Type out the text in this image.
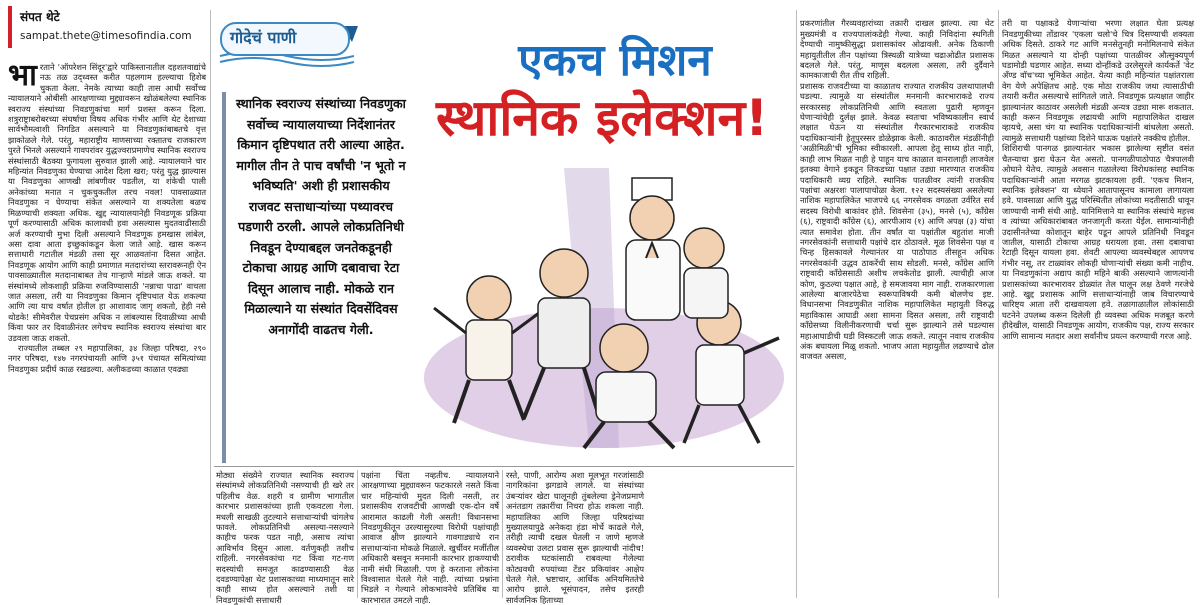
संपत थेटे
sampat.thete@timesofindia.com
भा रताने 'ऑपरेशन सिंदूर'द्वारे पाकिस्तानातील दहशतवाद्यांचे नऊ तळ उद्ध्वस्त करीत पहलगाम हल्ल्याचा हिशेब चुकता केला. नेमके त्याच्या काही तास आधी सर्वोच्च न्यायालयाने ओबीसी आरक्षणाच्या मुद्द्यावरून खोळंबलेल्या स्थानिक स्वराज्य संस्थांच्या निवडणुकांचा मार्ग प्रशस्त करून दिला. शत्रुराष्ट्राबरोबरच्या संघर्षाचा विषय अधिक गंभीर आणि थेट देशाच्या सार्वभौमत्वाशी निगडित असल्याने या निवडणुकांबाबतचे वृत्त झाकोळले गेले. परंतु, महाराष्ट्रीय माणसाच्या रक्तातच राजकारण पुरते भिनले असल्याने गावपरांवर युद्धज्वराप्रमाणेच स्थानिक स्वराज्य संस्थांसाठी बैठक्या फुगायला सुरुवात झाली आहे. न्यायालयाने चार महिन्यांत निवडणुका घेण्याचा आदेश दिला खरा; परंतु युद्ध झाल्यास या निवडणुका आणखी लांबणीवर पडतील, या शंकेची पाली अनेकांच्या मनात न चुकचुकतील तरच नवल! पावसाळ्यात निवडणुका न घेण्याचा संकेत असल्याने या शक्यतेला बळच मिळण्याची शक्यता अधिक. खुद्द न्यायालयानेही निवडणूक प्रक्रिया पूर्ण करण्यासाठी अधिक कालावधी हवा असल्यास मुदतवाढीसाठी अर्ज करण्याची मुभा दिली असल्याने निवडणूक हमखास लांबेल, असा दावा आता इच्छुकांकडून केला जाते आहे. खास करून सत्ताधारी गटातील मंडळी तसा सूर आळवतांना दिसत आहेत. निवडणूक आयोग आणि काही प्रमाणात मतदारांच्या स्तरावरूनही ऐन पावसाळ्यातील मतदानाबाबत तेच गाऱ्हाणे मांडले जाऊ शकते. या संस्थांमध्ये लोकशाही प्रक्रिया रुजविण्यासाठी 'नन्नाचा पाढा' वाचला जात असला, तरी या निवडणुका किमान दृष्टिपथात येऊ शकल्या आणि त्या याच वर्षात होतील हा आशावाद जागृ शकतो, हेही नसे थोडके! सीमेवरील पेचप्रसंग अधिक न लांबल्यास दिवाळीच्या आधी किंवा फार तर दिवाळीनंतर लगेचच स्थानिक स्वराज्य संस्थांचा बार उडवला जाऊ शकतो.

राज्यातील तब्बल २९ महापालिका, ३४ जिल्हा परिषदा, २९० नगर परिषदा, १४७ नगरपंचायती आणि ३५१ पंचायत समित्यांच्या निवडणुका प्रदीर्घ काळ रखडल्या. अलीकडच्या काळात एवढ्या

गोदेचं पाणी

स्थानिक स्वराज्य संस्थांच्या निवडणुका सर्वोच्च न्यायालयाच्या निर्देशानंतर किमान दृष्टिपथात तरी आल्या आहेत. मागील तीन ते पाच वर्षांची 'न भूतो न भविष्यति' अशी ही प्रशासकीय राजवट सत्ताधाऱ्यांच्या पथ्यावरच पडणारी ठरली. आपले लोकप्रतिनिधी निवडून देण्याबद्दल जनतेकडूनही टोकाचा आग्रह आणि दबावाचा रेटा दिसून आलाच नाही. मोकळे रान मिळाल्याने या संस्थांत दिवसेंदिवस अनागोंदी वाढतच गेली.

एकच मिशन
स्थानिक इलेक्शन!

मोठ्या संख्येने राज्यात स्थानिक स्वराज्य संस्थांमध्ये लोकप्रतिनिधी नसण्याची ही खरे तर पहिलीच वेळ. शहरी व ग्रामीण भागातील कारभार प्रशासकांच्या हाती एकवटला गेला. मधली साखळी तुटल्याने सत्ताधाऱ्यांची चांगलेच फावले. लोकप्रतिनिधी असल्या-नसल्याने काहीच फरक पडत नाही, असाच त्यांचा आविर्भाव दिसून आला. वर्तणुकही तशीच राहिली. नगरसेवकांचा गट किंवा गट-गण सदस्यांची समजूत काढण्यासाठी वेळ दवडण्यापेक्षा थेट प्रशासकाच्या माध्यमातून सारे काही साध्य होत असल्याने तशी या निवडणुकांची सत्ताधारी

पक्षांना चिंता नव्हतीच. न्यायालयाने आरक्षणाच्या मुद्द्यावरून फटकारले नसते किंवा चार महिन्यांची मुदत दिली नसती, तर प्रशासकीय राजवटीची आणखी एक-दोन वर्षे आरामात काढली गेली असती! विधानसभा निवडणुकीतून उरल्यासुरल्या विरोधी पक्षांचाही आवाज क्षीण झाल्याने गावगाड्याचे रान सत्ताधाऱ्यांना मोकळे मिळाले. खुर्चीवर मर्जीतील अधिकारी बसवून मनमानी कारभार हाकण्याची नामी संधी मिळाली. पण हे करताना लोकांना विश्वासात घेतले गेले नाही. त्यांच्या प्रश्नांना भिडले न गेल्याने लोकभावनेचे प्रतिबिंब या कारभारात उमटले नाही.

रस्ते, पाणी, आरोग्य अशा मूलभूत गरजांसाठी नागरिकांना झगडावे लागले. या संस्थांच्या उंबऱ्यांवर खेटा घालूनही तुंबलेल्या ड्रेनेजप्रमाणे अनंतडाग तक्रारींचा निचरा होऊ शकला नाही. महापालिका आणि जिल्हा परिषदांच्या मुख्यालयापुढे अनेकदा हंडा मोर्चे काढले गेले, तरीही त्याची दखल घेतली न जाणे म्हणजे व्यवस्थेचा उलटा प्रवास सुरू झाल्याची नांदीच! ठरावीक घटकांसाठी राबवल्या गेलेल्या कोट्यवधी रुपयांच्या टेंडर प्रकियांवर आक्षेप घेतले गेले. भ्रष्टाचार, आर्थिक अनियमिततेचे आरोप झाले. भूसंपादन, तसेच इतरही सार्वजनिक हिताच्या

प्रकरणांतील गैरव्यवहारांच्या तक्रारी दाखल झाल्या. त्या थेट मुख्यमंत्री व राज्यपालांकडेही गेल्या. काही निविदांना स्थगिती देण्याची नामुष्कीसुद्धा प्रशासकांवर ओढावली. अनेक ठिकाणी महायुतीतील तीन पक्षांच्या त्रिस्थळी यात्रेच्या चढाओढीत प्रशासक बदलले गेले. परंतु, माणूस बदलला असला, तरी दुर्दैवाने कामकाजाची रीत तीच राहिली.
प्रशासक राजवटीच्या या काळातच राज्यात राजकीय उलथापालथी घडल्या. त्यामुळे या संस्थांतील मनमानी कारभाराकडे राज्य सरकारसह लोकप्रतिनिधी आणि स्वतःला पुढारी म्हणवून घेणाऱ्यांचेही दुर्लक्ष झाले. केवळ स्वतःचा भविष्यकालीन स्वार्थ लक्षात घेऊन या संस्थांतील गैरकारभाराकडे राजकीय पदाधिकाऱ्यांनी हेतूपुरस्सर डोळेझाक केली. काठावरील मंडळींनीही 'अळीमिळी'ची भूमिका स्वीकारली. आपला हेतू साध्य होत नाही, काही लाभ मिळत नाही हे पाहून याच काळात वानरालाही लाजवेल इतक्या वेगाने इकडून तिकडच्या पक्षात उड्या मारण्यात राजकीय पदाधिकारी व्यग्र राहिले. स्थानिक पातळीवर त्यांनी राजकीय पक्षांचा अक्षरशः पालापाचोळा केला. १२२ सदस्यसंख्या असलेल्या नाशिक महापालिकेत भाजपचे ६६ नगरसेवक वगळता उर्वरित सर्व सदस्य विरोधी बाकांवर होते. शिवसेना (३५), मनसे (५), काँग्रेस (६), राष्ट्रवादी काँग्रेस (६), आरपीआय (१) आणि अपक्ष (३) यांचा त्यात समावेश होता. तीन वर्षांत या पक्षांतील बहुतांश माजी नगरसेवकांनी सत्ताधारी पक्षांचे दार ठोठावले. मूळ शिवसेना पक्ष व चिन्ह हिसकावले गेल्यानंतर या पाठोपाठ तीसहून अधिक नगरसेवकांनी उद्धव ठाकरेंची साथ सोडली. मनसे, काँग्रेस आणि राष्ट्रवादी काँग्रेससाठी अशीच लचकेतोड झाली. त्याचीही आज कोण, कुठल्या पक्षात आहे, हे समजावया माग नाही. राजकारणाला आलेल्या बाजारपेठेचा स्वरूपाविषयी कमी बोलणेच इष्ट. विधानसभा निवडणुकीत नाशिक महापालिकेत महायुती विरुद्ध महाविकास आघाडी अशा सामना दिसत असला, तरी राष्ट्रवादी काँग्रेसच्या विलीनीकरणाची चर्चा सुरू झाल्याने तसे घडल्यास महाआघाडीची घडी विस्कटली जाऊ शकते. त्यातून नवाच राजकीय अंक बघायला मिळू शकतो. भाजप आता महायुतीत लढण्याचे ढोल वाजवत असला,

तरी या पक्षाकडे येणाऱ्यांचा भरणा लक्षात घेता प्रत्यक्ष निवडणुकीच्या तोंडावर 'एकला चलो'चे चित्र दिसण्याची शक्यता अधिक दिसते. ठाकरे गट आणि मनसेतुनही मनोमिलनाचे संकेत मिळत असल्याने या दोन्ही पक्षांच्या पातळीवर औत्सुक्यपूर्ण घडामोडी घडणार आहेत. सध्या दोन्हींकडे उरलेसुरले कार्यकर्ते 'वेट अँण्ड वॉच'च्या भूमिकेत आहेत. येत्या काही महिन्यांत पक्षांतराला वेग येणे अपेक्षितच आहे. एक मोठा राजकीय जथा त्यासाठीची तयारी करीत असल्याचे सांगितले जाते. निवडणूक प्रत्यक्षात जाहीर झाल्यानंतर काठावर असलेली मंडळी अन्यत्र उड्या मारू शकतात. काही करून निवडणूक लढायची आणि महापालिकेत दाखल व्हायचे, असा चंग या स्थानिक पदाधिकाऱ्यांनी बांधलेला असतो. त्यामुळे सत्ताधारी पक्षांच्या दिशेने घाऊक पक्षांतरे नक्कीच होतील.
शिशिराची पानगळ झाल्यानंतर भकास झालेल्या सृष्टीत वसंत चैतन्याचा झरा घेऊन येत असतो. पानगळीपाठोपाठ चैत्रपालवी ओघाने येतेच. त्यामुळे अवसान गळालेल्या विरोधकांसह स्थानिक पदाधिकाऱ्यांनी आता मरगळ झटकायला हवी. 'एकच मिशन, स्थानिक इलेक्शन' या ध्येयाने आतापासूनच कामाला लागायला हवे. पावसाळा आणि युद्ध परिस्थितीत लोकांच्या मदतीसाठी धावून जाण्याची नामी संधी आहे. यानिमित्ताने या स्थानिक संस्थांचे महत्त्व व त्यांच्या अधिकारांबाबत जनजागृती करता येईल. सामान्यांनीही उदासीनतेच्या कोशातून बाहेर पडून आपले प्रतिनिधी निवडून जातील, यासाठी टोकाचा आग्रह धरायला हवा. तसा दबावाचा रेटाही दिसून यायला हवा. शेवटी आपल्या व्यवस्थेबद्दल आपणच गंभीर नसू, तर टाळ्यांवर लोकही घोणाऱ्यांची संख्या कमी नाहीच. या निवडणुकांना अद्याप काही महिने बाकी असल्याने जाणत्यांनी प्रशासकांच्या कारभारावर डोळ्यांत तेल घालून लक्ष ठेवणे गरजेचे आहे. खुद्द प्रशासक आणि सत्ताधाऱ्यांनाही जाब विचारण्याचे धारिष्ट्य आता तरी दाखवायला हवे. तळागाळातील लोकांसाठी घटनेने उपलब्ध करून दिलेली ही व्यवस्था अधिक मजबूत करणे हीदेखील, यासाठी निवडणूक आयोग, राजकीय पक्ष, राज्य सरकार आणि सामान्य मतदार अशा सर्वांनीच प्रयत्न करण्याची गरज आहे.
